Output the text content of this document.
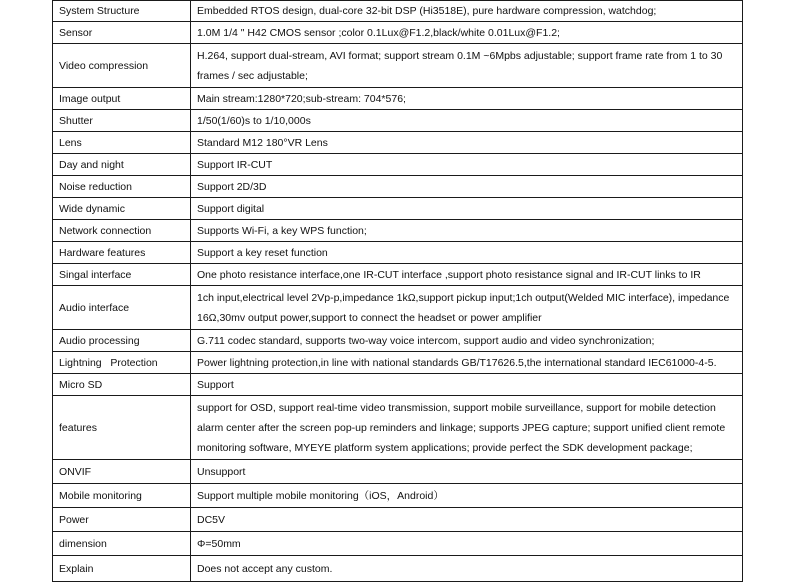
System Structure	Embedded RTOS design, dual-core 32-bit DSP (Hi3518E), pure hardware compression, watchdog;
Sensor	1.0M 1/4 " H42 CMOS sensor ;color 0.1Lux@F1.2,black/white 0.01Lux@F1.2;
Video compression	H.264, support dual-stream, AVI format; support stream 0.1M ~6Mpbs adjustable; support frame rate from 1 to 30 frames / sec adjustable;
Image output	Main stream:1280*720;sub-stream: 704*576;
Shutter	1/50(1/60)s to 1/10,000s
Lens	Standard M12 180°VR Lens
Day and night	Support IR-CUT
Noise reduction	Support 2D/3D
Wide dynamic	Support digital
Network connection	Supports Wi-Fi, a key WPS function;
Hardware features	Support a key reset function
Singal interface	One photo resistance interface,one IR-CUT interface ,support photo resistance signal and IR-CUT links to IR
Audio interface	1ch input,electrical level 2Vp-p,impedance 1kΩ,support pickup input;1ch output(Welded MIC interface), impedance 16Ω,30mv output power,support to connect the headset or power amplifier
Audio processing	G.711 codec standard, supports two-way voice intercom, support audio and video synchronization;
Lightning   Protection	Power lightning protection,in line with national standards GB/T17626.5,the international standard IEC61000-4-5.
Micro SD	Support
features	support for OSD, support real-time video transmission, support mobile surveillance, support for mobile detection alarm center after the screen pop-up reminders and linkage; supports JPEG capture; support unified client remote monitoring software, MYEYE platform system applications; provide perfect the SDK development package;
ONVIF	Unsupport
Mobile monitoring	Support multiple mobile monitoring（iOS，Android）
Power	DC5V
dimension	Φ=50mm
Explain	Does not accept any custom.
